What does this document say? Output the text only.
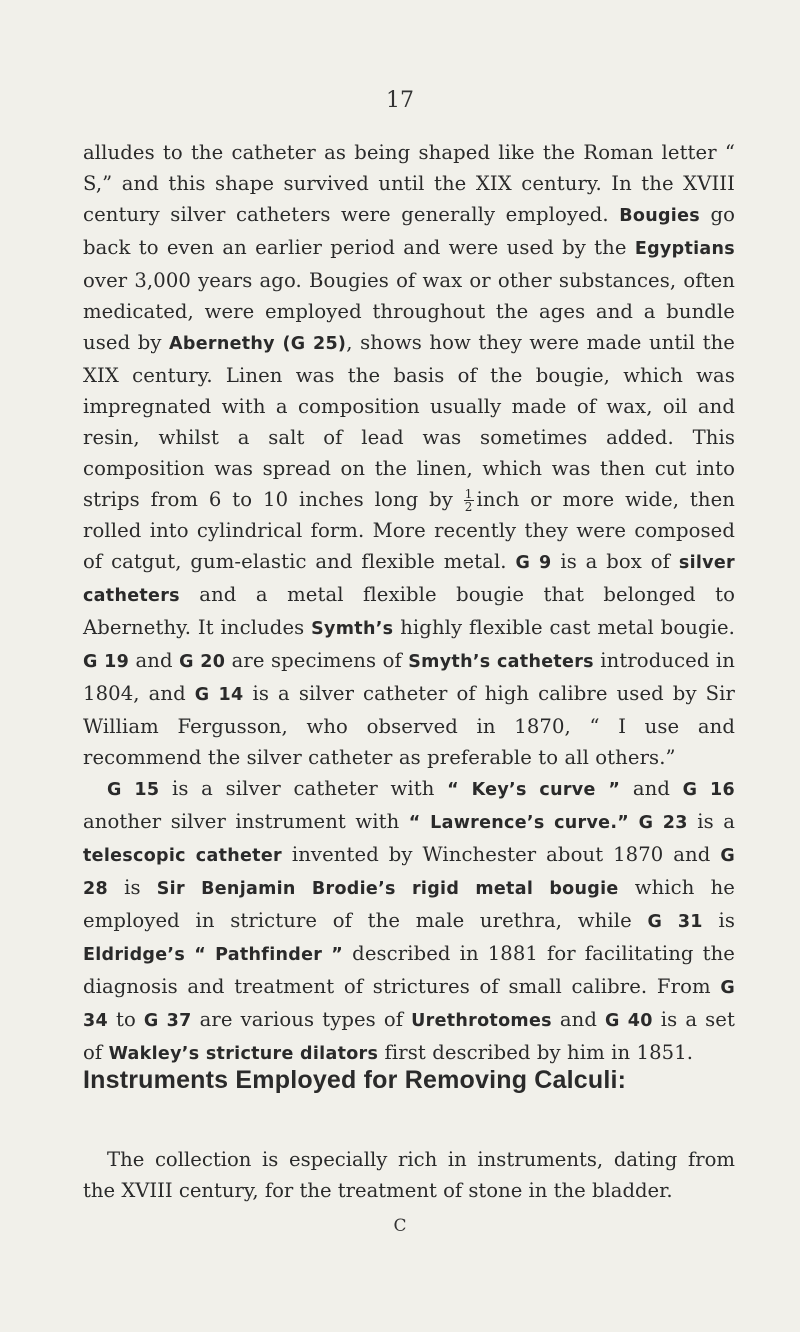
17

alludes to the catheter as being shaped like the Roman letter “ S,” and this shape survived until the XIX century. In the XVIII century silver catheters were generally employed. Bougies go back to even an earlier period and were used by the Egyptians over 3,000 years ago. Bougies of wax or other substances, often medicated, were employed throughout the ages and a bundle used by Abernethy (G 25), shows how they were made until the XIX century. Linen was the basis of the bougie, which was impregnated with a composition usually made of wax, oil and resin, whilst a salt of lead was sometimes added. This composition was spread on the linen, which was then cut into strips from 6 to 10 inches long by $\frac{1}{2}$ inch or more wide, then rolled into cylindrical form. More recently they were composed of catgut, gum-elastic and flexible metal. G 9 is a box of silver catheters and a metal flexible bougie that belonged to Abernethy. It includes Symth’s highly flexible cast metal bougie. G 19 and G 20 are specimens of Smyth’s catheters introduced in 1804, and G 14 is a silver catheter of high calibre used by Sir William Fergusson, who observed in 1870, “ I use and recommend the silver catheter as preferable to all others.”

G 15 is a silver catheter with “ Key’s curve ” and G 16 another silver instrument with “ Lawrence’s curve.” G 23 is a telescopic catheter invented by Winchester about 1870 and G 28 is Sir Benjamin Brodie’s rigid metal bougie which he employed in stricture of the male urethra, while G 31 is Eldridge’s “ Pathfinder ” described in 1881 for facilitating the diagnosis and treatment of strictures of small calibre. From G 34 to G 37 are various types of Urethrotomes and G 40 is a set of Wakley’s stricture dilators first described by him in 1851.

Instruments Employed for Removing Calculi:
The collection is especially rich in instruments, dating from the XVIII century, for the treatment of stone in the bladder.
C
